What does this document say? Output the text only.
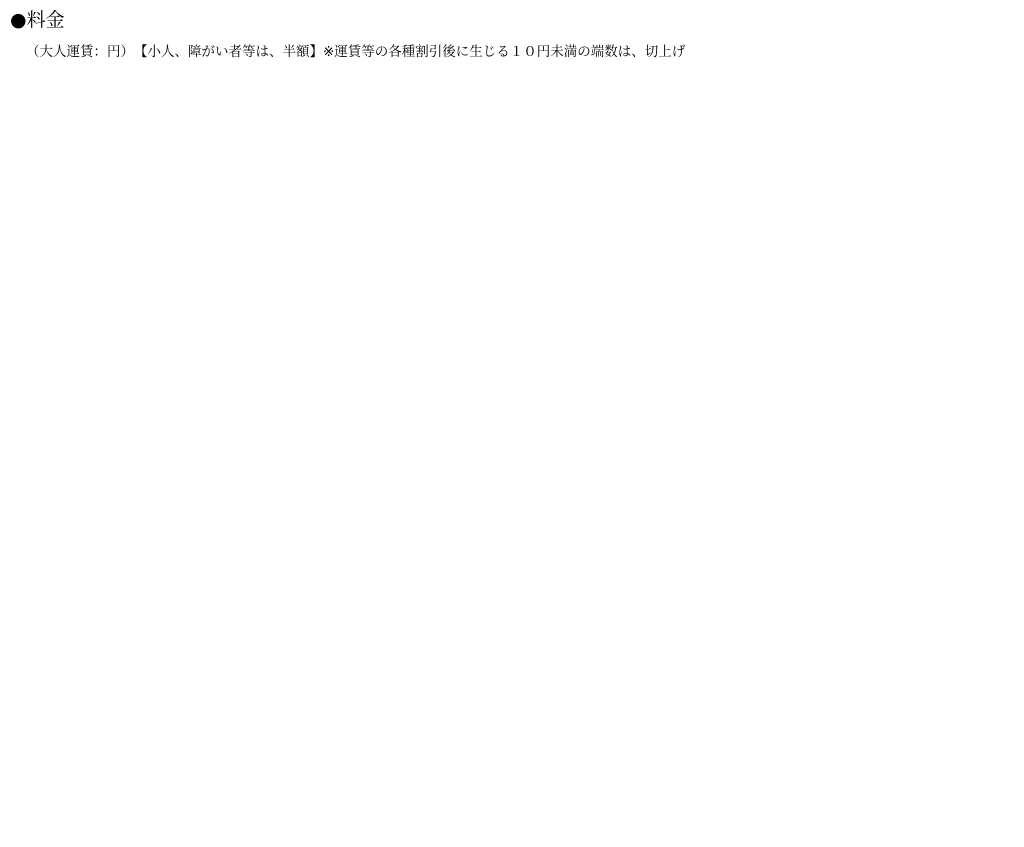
●料金
（大人運賃：円）　【小人、障がい者等は、半額】※運賃等の各種割引後に生じる１０円未満の端数は、切上げ
